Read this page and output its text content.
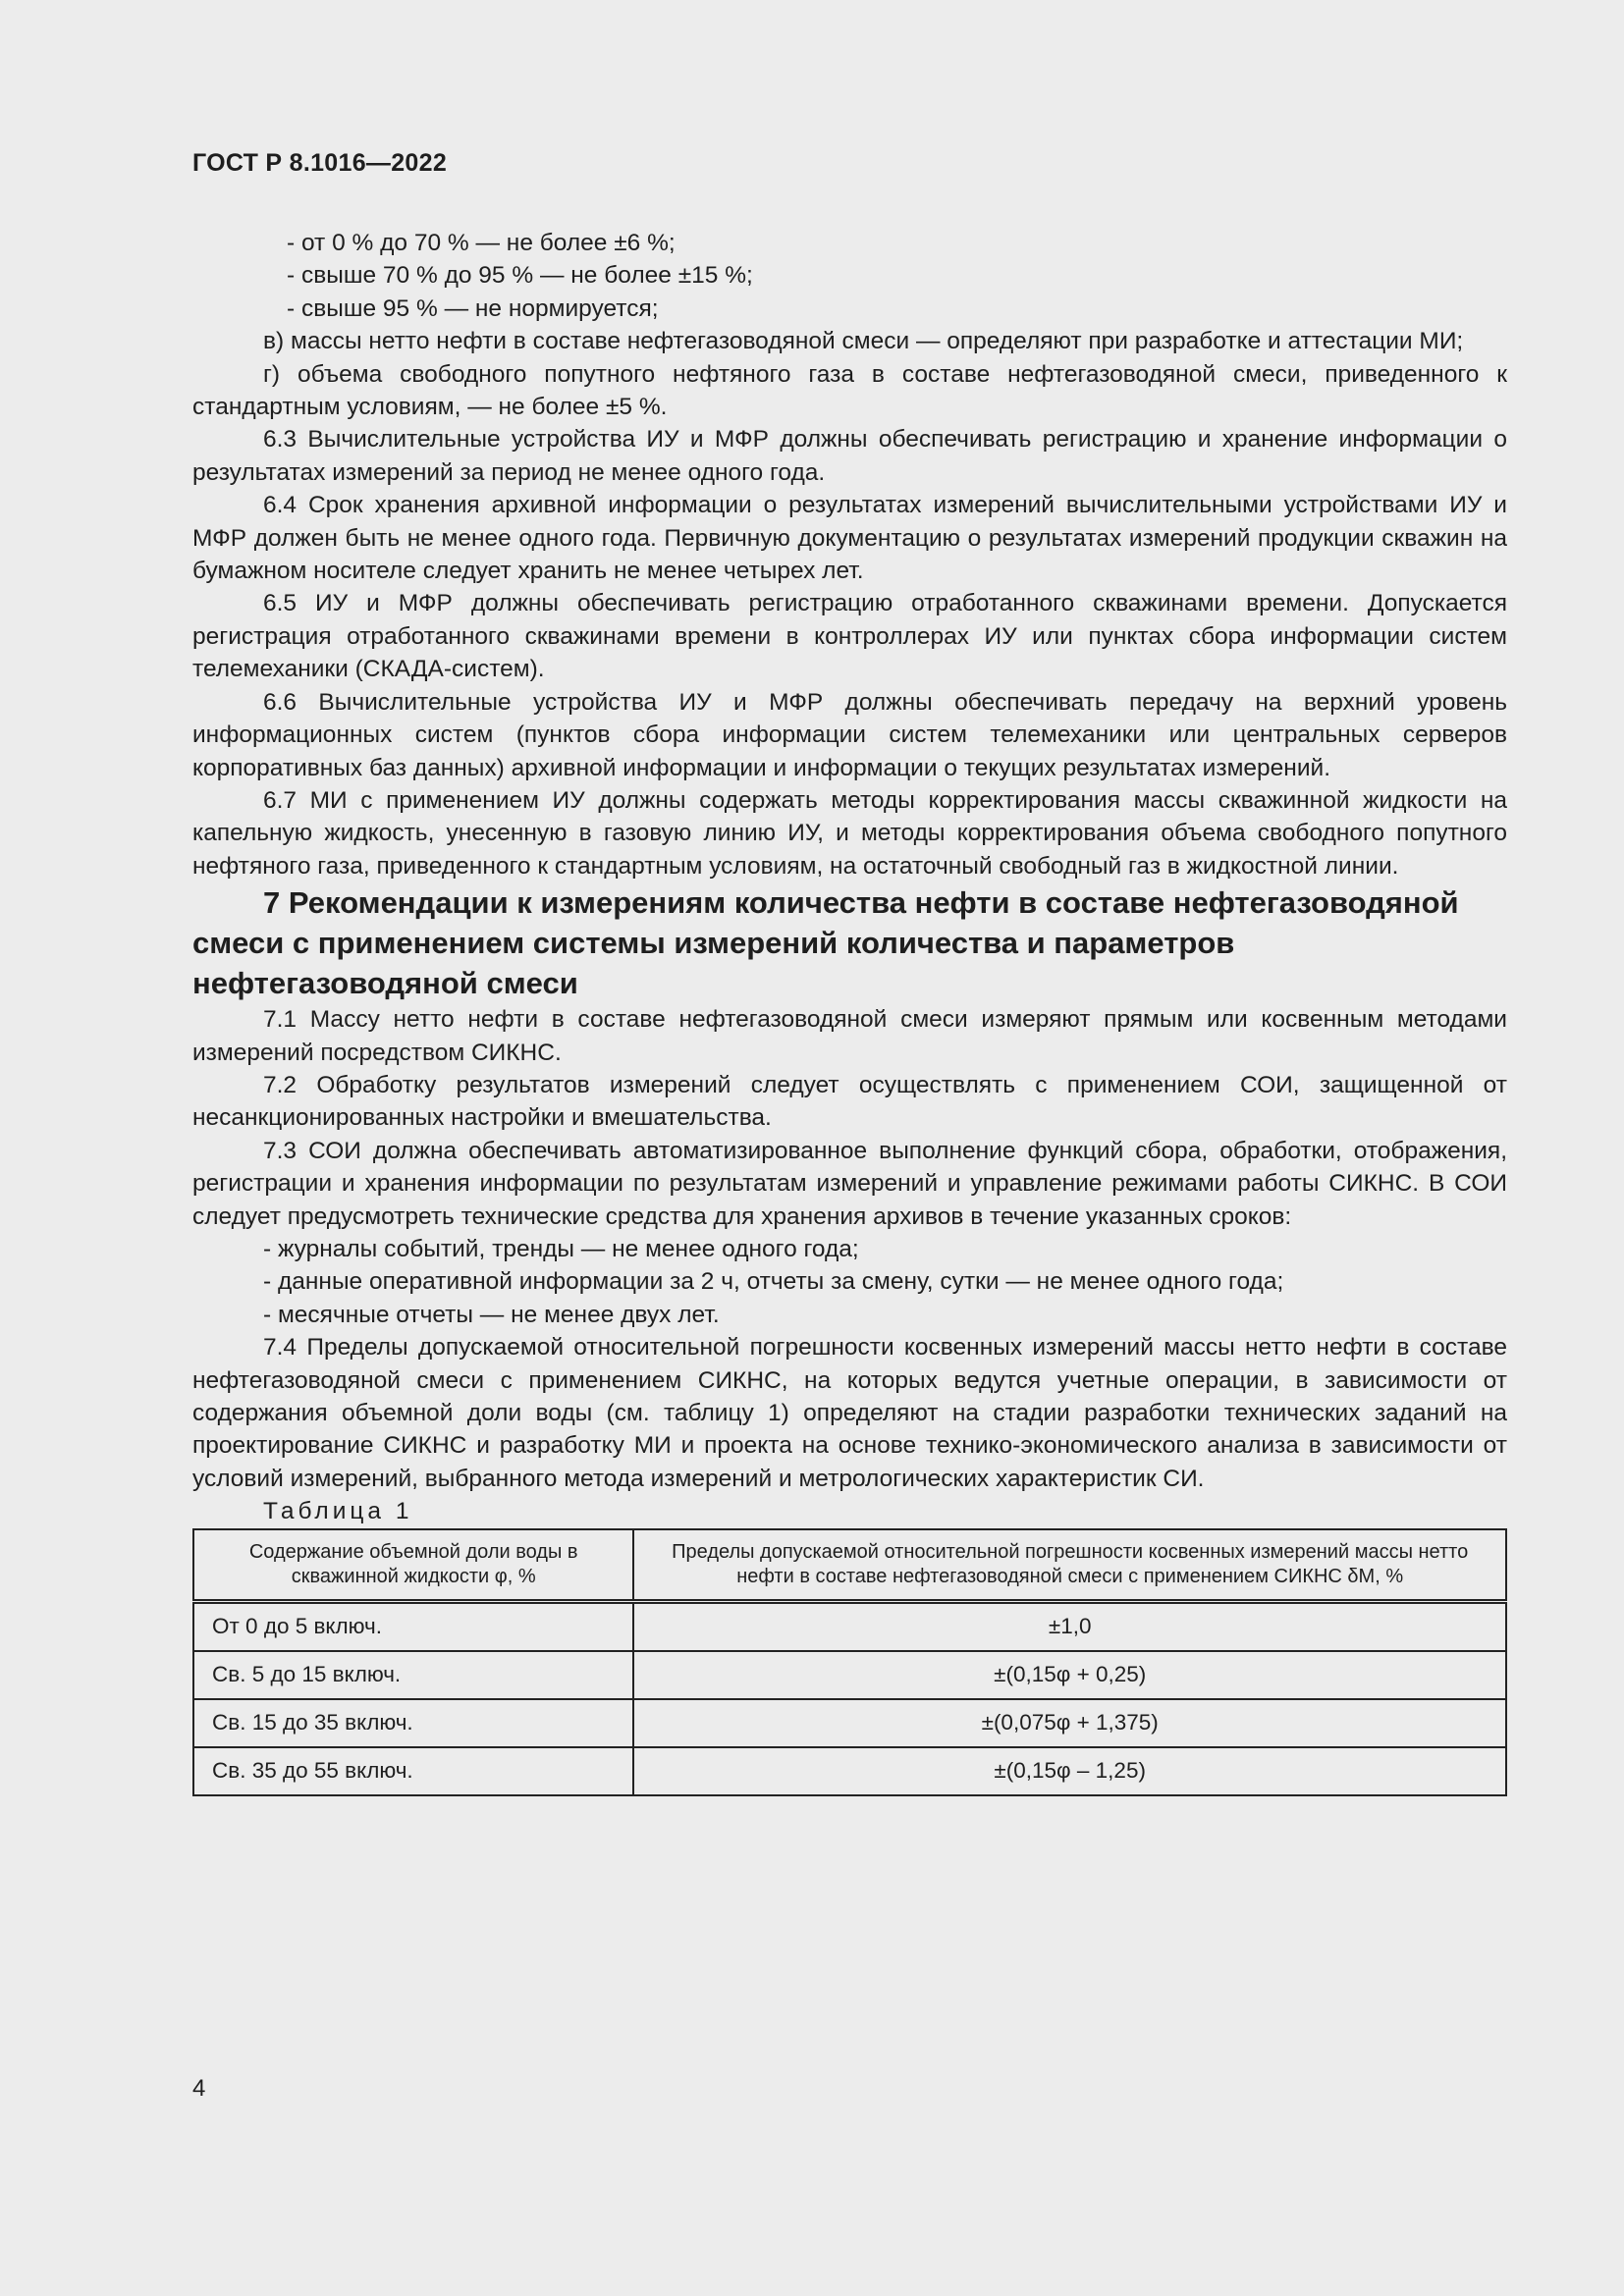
ГОСТ Р 8.1016—2022

- от 0 % до 70 % — не более ±6 %;

- свыше 70 % до 95 % — не более ±15 %;

- свыше 95 % — не нормируется;

в) массы нетто нефти в составе нефтегазоводяной смеси — определяют при разработке и аттестации МИ;

г) объема свободного попутного нефтяного газа в составе нефтегазоводяной смеси, приведенного к стандартным условиям, — не более ±5 %.

6.3 Вычислительные устройства ИУ и МФР должны обеспечивать регистрацию и хранение информации о результатах измерений за период не менее одного года.

6.4 Срок хранения архивной информации о результатах измерений вычислительными устройствами ИУ и МФР должен быть не менее одного года. Первичную документацию о результатах измерений продукции скважин на бумажном носителе следует хранить не менее четырех лет.

6.5 ИУ и МФР должны обеспечивать регистрацию отработанного скважинами времени. Допускается регистрация отработанного скважинами времени в контроллерах ИУ или пунктах сбора информации систем телемеханики (СКАДА-систем).

6.6 Вычислительные устройства ИУ и МФР должны обеспечивать передачу на верхний уровень информационных систем (пунктов сбора информации систем телемеханики или центральных серверов корпоративных баз данных) архивной информации и информации о текущих результатах измерений.

6.7 МИ с применением ИУ должны содержать методы корректирования массы скважинной жидкости на капельную жидкость, унесенную в газовую линию ИУ, и методы корректирования объема свободного попутного нефтяного газа, приведенного к стандартным условиям, на остаточный свободный газ в жидкостной линии.

7 Рекомендации к измерениям количества нефти в составе нефтегазоводяной смеси с применением системы измерений количества и параметров нефтегазоводяной смеси

7.1 Массу нетто нефти в составе нефтегазоводяной смеси измеряют прямым или косвенным методами измерений посредством СИКНС.

7.2 Обработку результатов измерений следует осуществлять с применением СОИ, защищенной от несанкционированных настройки и вмешательства.

7.3 СОИ должна обеспечивать автоматизированное выполнение функций сбора, обработки, отображения, регистрации и хранения информации по результатам измерений и управление режимами работы СИКНС. В СОИ следует предусмотреть технические средства для хранения архивов в течение указанных сроков:

- журналы событий, тренды — не менее одного года;

- данные оперативной информации за 2 ч, отчеты за смену, сутки — не менее одного года;

- месячные отчеты — не менее двух лет.

7.4 Пределы допускаемой относительной погрешности косвенных измерений массы нетто нефти в составе нефтегазоводяной смеси с применением СИКНС, на которых ведутся учетные операции, в зависимости от содержания объемной доли воды (см. таблицу 1) определяют на стадии разработки технических заданий на проектирование СИКНС и разработку МИ и проекта на основе технико-экономического анализа в зависимости от условий измерений, выбранного метода измерений и метрологических характеристик СИ.

Таблица 1

Содержание объемной доли воды в скважинной жидкости φ, %	Пределы допускаемой относительной погрешности косвенных измерений массы нетто нефти в составе нефтегазоводяной смеси с применением СИКНС δМ, %
От 0 до 5 включ.	±1,0
Св. 5 до 15 включ.	±(0,15φ + 0,25)
Св. 15 до 35 включ.	±(0,075φ + 1,375)
Св. 35 до 55 включ.	±(0,15φ – 1,25)
4
